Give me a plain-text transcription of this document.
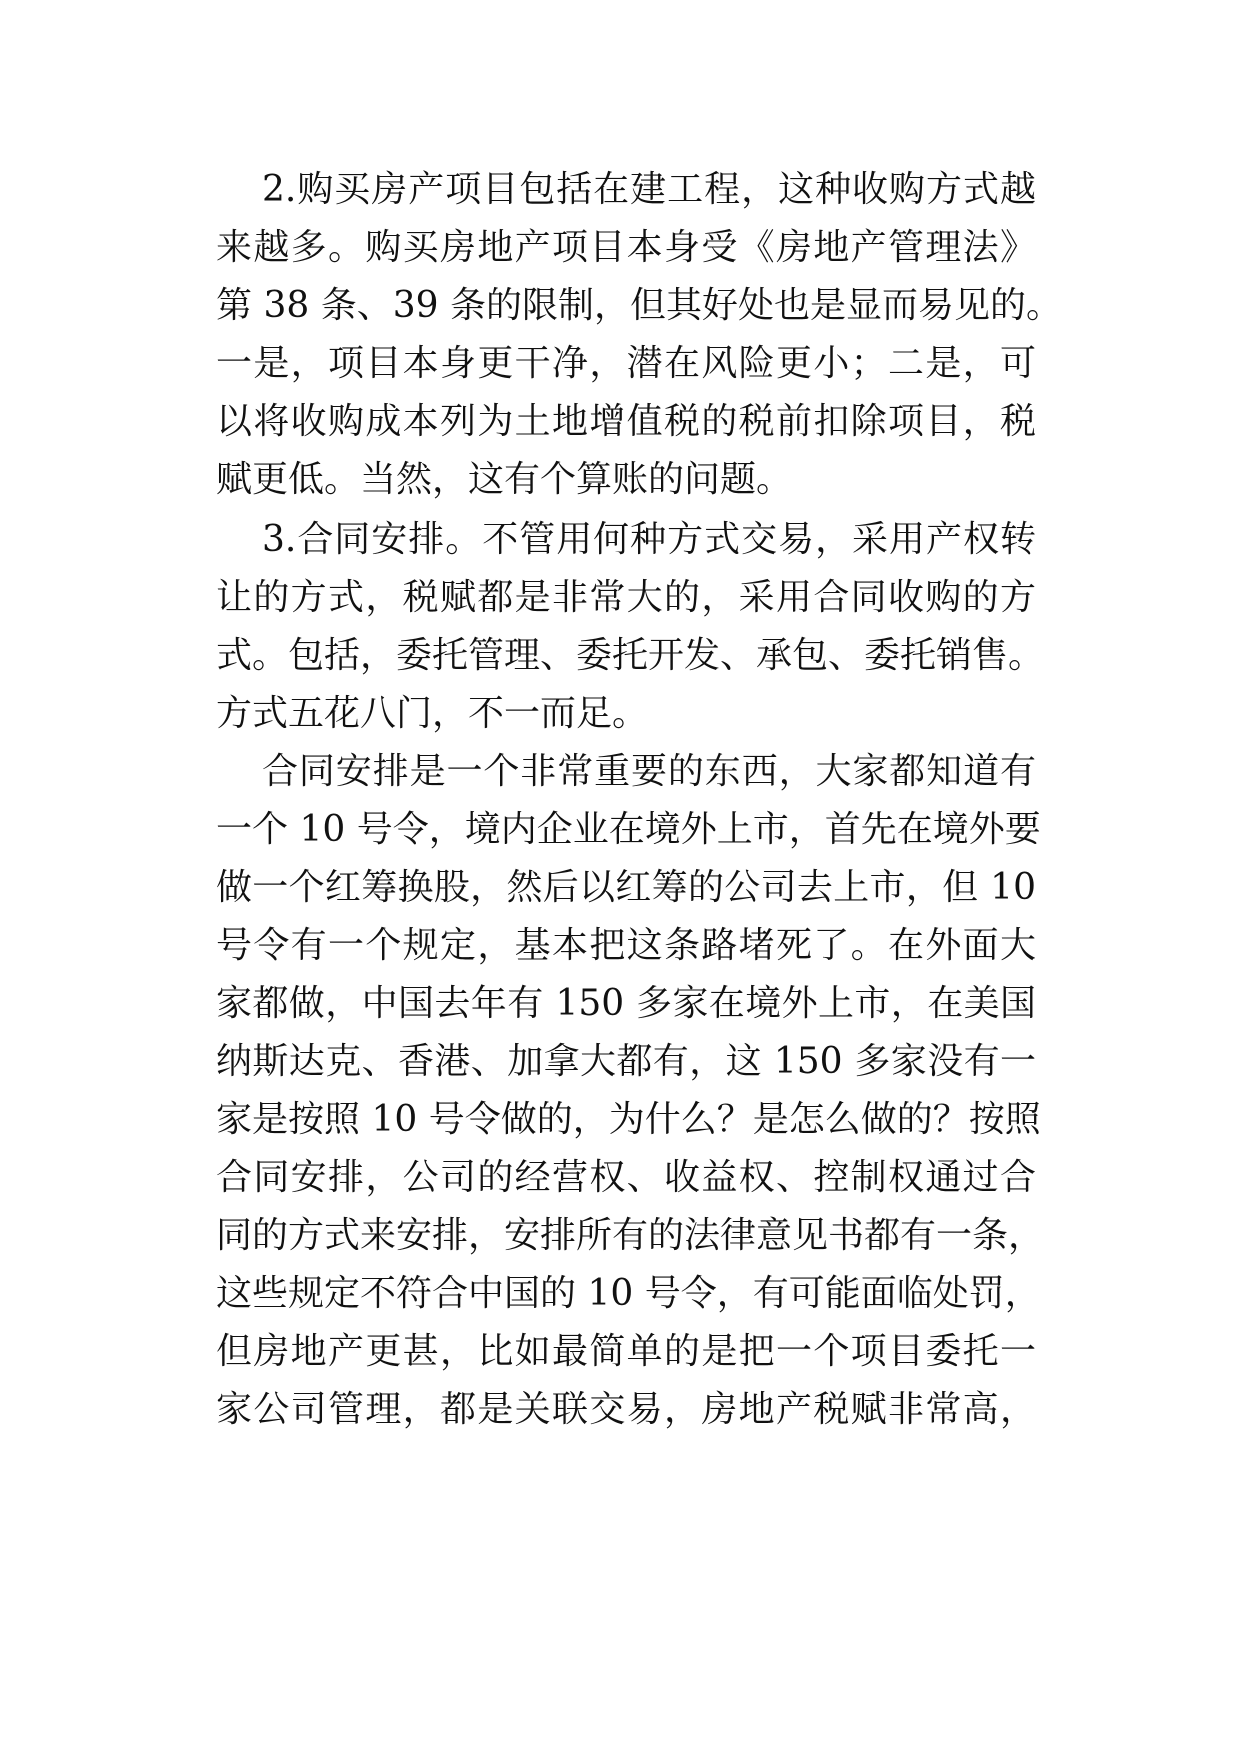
2.购买房产项目包括在建工程，这种收购方式越
来越多。购买房地产项目本身受《房地产管理法》
第 38 条、39 条的限制，但其好处也是显而易见的。
一是，项目本身更干净，潜在风险更小；二是，可
以将收购成本列为土地增值税的税前扣除项目，税
赋更低。当然，这有个算账的问题。
3.合同安排。不管用何种方式交易，采用产权转
让的方式，税赋都是非常大的，采用合同收购的方
式。包括，委托管理、委托开发、承包、委托销售。
方式五花八门，不一而足。
合同安排是一个非常重要的东西，大家都知道有
一个 10 号令，境内企业在境外上市，首先在境外要
做一个红筹换股，然后以红筹的公司去上市，但 10
号令有一个规定，基本把这条路堵死了。在外面大
家都做，中国去年有 150 多家在境外上市，在美国
纳斯达克、香港、加拿大都有，这 150 多家没有一
家是按照 10 号令做的，为什么？是怎么做的？按照
合同安排，公司的经营权、收益权、控制权通过合
同的方式来安排，安排所有的法律意见书都有一条，
这些规定不符合中国的 10 号令，有可能面临处罚，
但房地产更甚，比如最简单的是把一个项目委托一
家公司管理，都是关联交易，房地产税赋非常高，
